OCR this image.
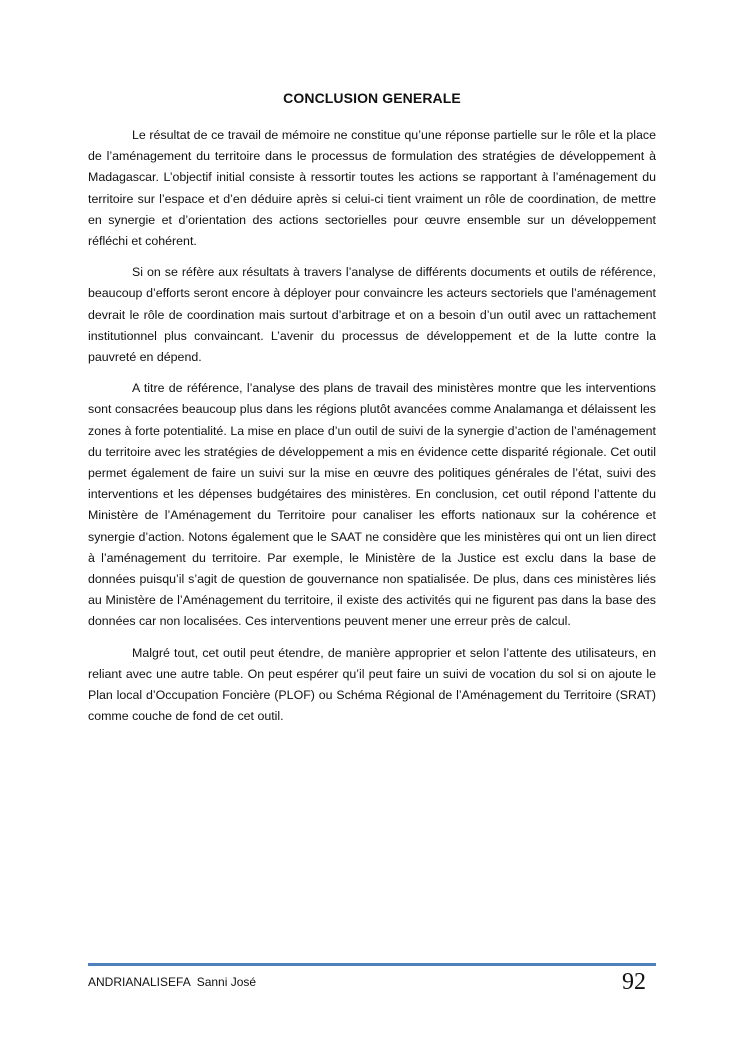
CONCLUSION GENERALE

Le résultat de ce travail de mémoire ne constitue qu’une réponse partielle sur le rôle et la place de l’aménagement du territoire dans le processus de formulation des stratégies de développement à Madagascar. L’objectif initial consiste à ressortir toutes les actions se rapportant à l’aménagement du territoire sur l’espace et d’en déduire après si celui-ci tient vraiment un rôle de coordination, de mettre en synergie et d’orientation des actions sectorielles pour œuvre ensemble sur un développement réfléchi et cohérent.

Si on se réfère aux résultats à travers l’analyse de différents documents et outils de référence, beaucoup d’efforts seront encore à déployer pour convaincre les acteurs sectoriels que l’aménagement devrait le rôle de coordination mais surtout d’arbitrage et on a besoin d’un outil avec un rattachement institutionnel plus convaincant. L’avenir du processus de développement et de la lutte contre la pauvreté en dépend.

A titre de référence, l’analyse des plans de travail des ministères montre que les interventions sont consacrées beaucoup plus dans les régions plutôt avancées comme Analamanga et délaissent les zones à forte potentialité. La mise en place d’un outil de suivi de la synergie d’action de l’aménagement du territoire avec les stratégies de développement a mis en évidence cette disparité régionale. Cet outil permet également de faire un suivi sur la mise en œuvre des politiques générales de l’état, suivi des interventions et les dépenses budgétaires des ministères. En conclusion, cet outil répond l’attente du Ministère de l’Aménagement du Territoire pour canaliser les efforts nationaux sur la cohérence et synergie d’action. Notons également que le SAAT ne considère que les ministères qui ont un lien direct à l’aménagement du territoire. Par exemple, le Ministère de la Justice est exclu dans la base de données puisqu’il s’agit de question de gouvernance non spatialisée. De plus, dans ces ministères liés au Ministère de l’Aménagement du territoire, il existe des activités qui ne figurent pas dans la base des données car non localisées. Ces interventions peuvent mener une erreur près de calcul.

Malgré tout, cet outil peut étendre, de manière approprier et selon l’attente des utilisateurs, en reliant avec une autre table. On peut espérer qu’il peut faire un suivi de vocation du sol si on ajoute le Plan local d’Occupation Foncière (PLOF) ou Schéma Régional de l’Aménagement du Territoire (SRAT) comme couche de fond de cet outil.

ANDRIANALISEFA  Sanni José	92
